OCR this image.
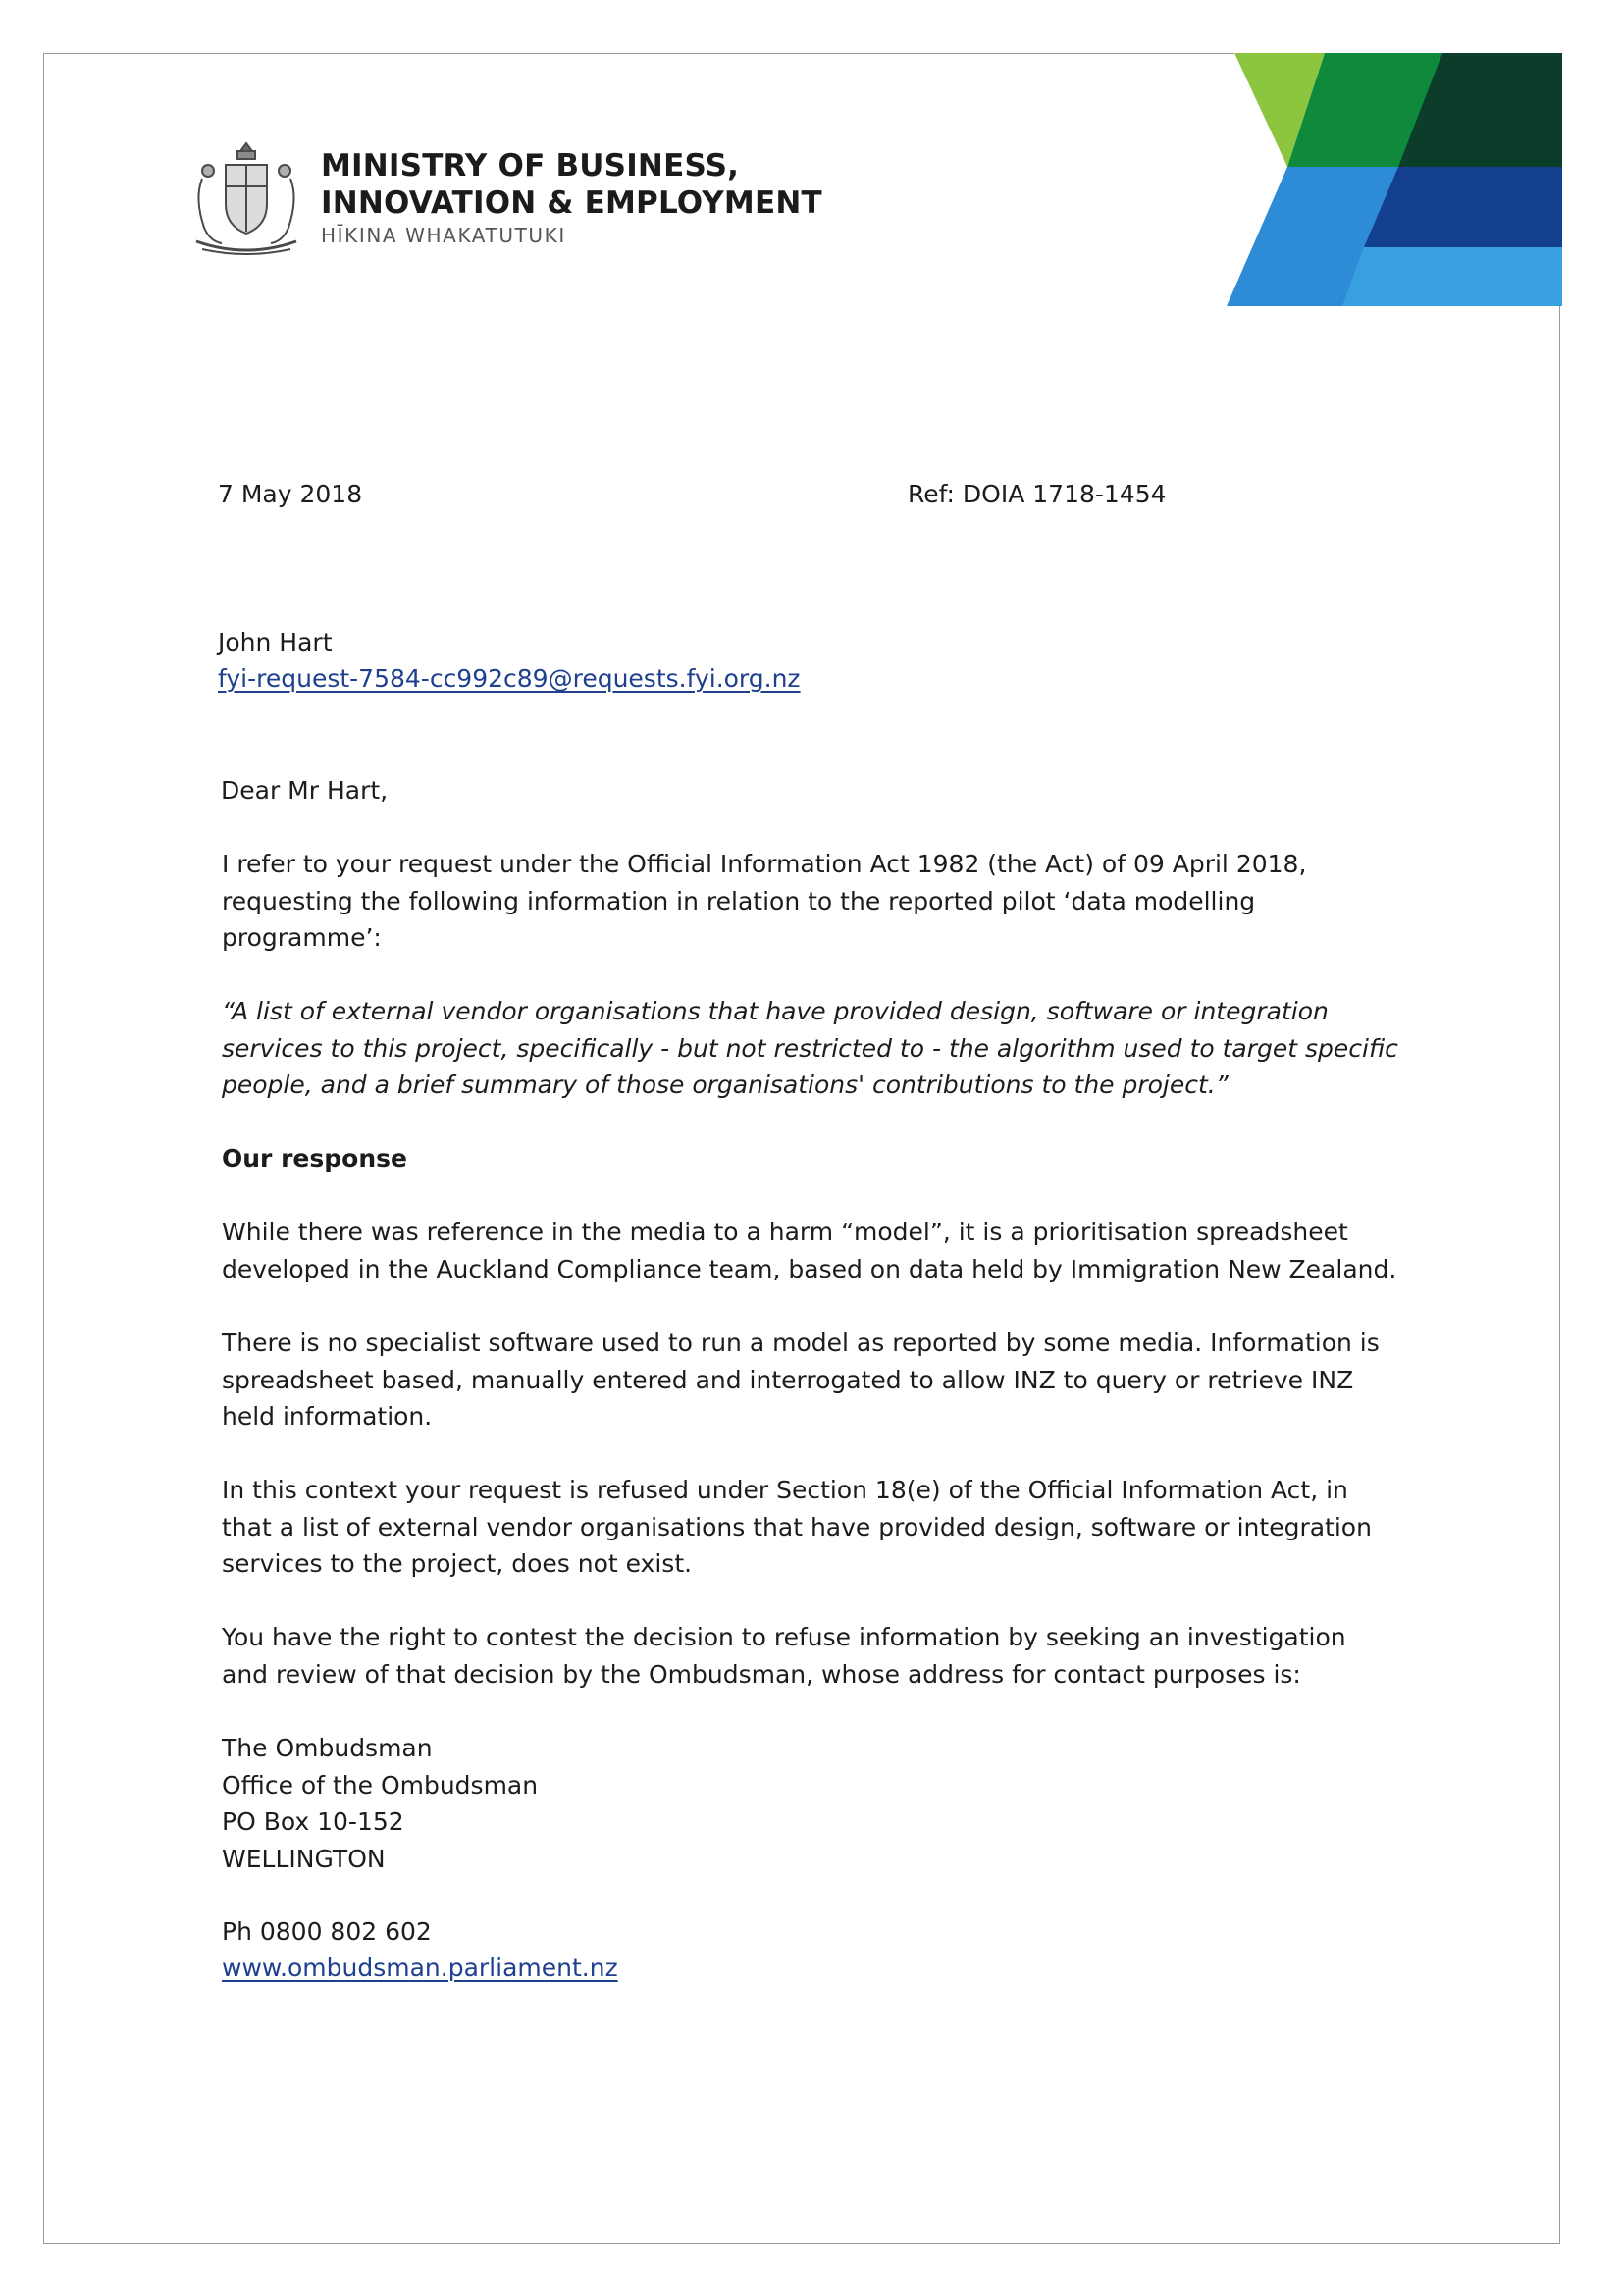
MINISTRY OF BUSINESS,
INNOVATION & EMPLOYMENT
HĪKINA WHAKATUTUKI
7 May 2018	Ref: DOIA 1718-1454
John Hart
fyi-request-7584-cc992c89@requests.fyi.org.nz
Dear Mr Hart,
I refer to your request under the Official Information Act 1982 (the Act) of 09 April 2018,
requesting the following information in relation to the reported pilot ‘data modelling
programme’:
“A list of external vendor organisations that have provided design, software or integration
services to this project, specifically - but not restricted to - the algorithm used to target specific
people, and a brief summary of those organisations' contributions to the project.”
Our response
While there was reference in the media to a harm “model”, it is a prioritisation spreadsheet
developed in the Auckland Compliance team, based on data held by Immigration New Zealand.
There is no specialist software used to run a model as reported by some media. Information is
spreadsheet based, manually entered and interrogated to allow INZ to query or retrieve INZ
held information.
In this context your request is refused under Section 18(e) of the Official Information Act, in
that a list of external vendor organisations that have provided design, software or integration
services to the project, does not exist.
You have the right to contest the decision to refuse information by seeking an investigation
and review of that decision by the Ombudsman, whose address for contact purposes is:
The Ombudsman
Office of the Ombudsman
PO Box 10-152
WELLINGTON
Ph 0800 802 602
www.ombudsman.parliament.nz
